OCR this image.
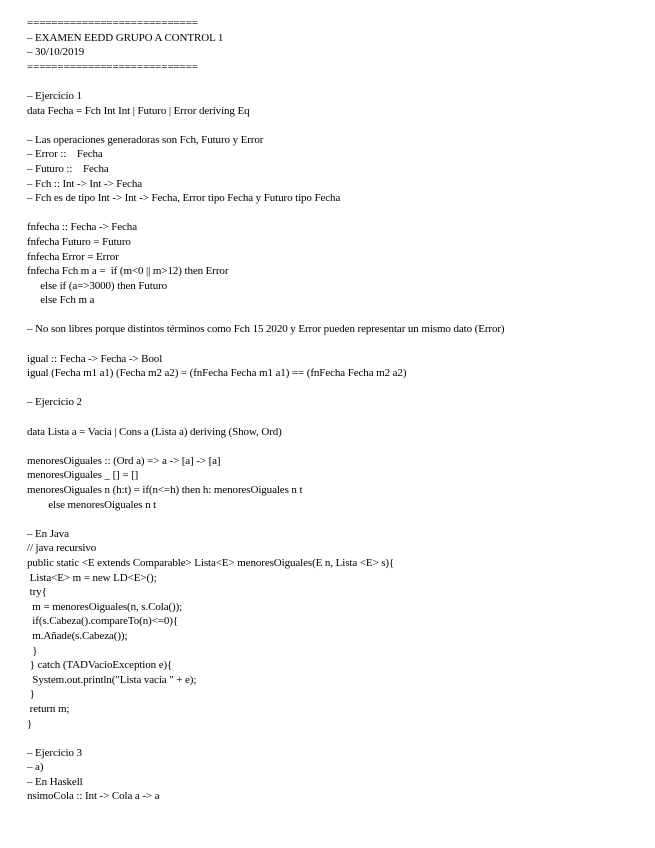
============================
– EXAMEN EEDD GRUPO A CONTROL 1
– 30/10/2019
============================
– Ejercicio 1
data Fecha = Fch Int Int | Futuro | Error deriving Eq
– Las operaciones generadoras son Fch, Futuro y Error
– Error ::    Fecha
– Futuro ::    Fecha
– Fch :: Int -> Int -> Fecha
– Fch es de tipo Int -> Int -> Fecha, Error tipo Fecha y Futuro tipo Fecha
fnfecha :: Fecha -> Fecha
fnfecha Futuro = Futuro
fnfecha Error = Error
fnfecha Fch m a =  if (m<0 || m>12) then Error
else if (a=>3000) then Futuro
else Fch m a
– No son libres porque distintos términos como Fch 15 2020 y Error pueden representar un mismo dato (Error)
igual :: Fecha -> Fecha -> Bool
igual (Fecha m1 a1) (Fecha m2 a2) = (fnFecha Fecha m1 a1) == (fnFecha Fecha m2 a2)
– Ejercicio 2
data Lista a = Vacia | Cons a (Lista a) deriving (Show, Ord)
menoresOiguales :: (Ord a) => a -> [a] -> [a]
menoresOiguales _ [] = []
menoresOiguales n (h:t) = if(n<=h) then h: menoresOiguales n t
else menoresOiguales n t
– En Java
// java recursivo
public static <E extends Comparable> Lista<E> menoresOiguales(E n, Lista <E> s){
Lista<E> m = new LD<E>();
try{
m = menoresOiguales(n, s.Cola());
if(s.Cabeza().compareTo(n)<=0){
m.Añade(s.Cabeza());
}
} catch (TADVacioException e){
System.out.println("Lista vacia " + e);
}
return m;
}
– Ejercicio 3
– a)
– En Haskell
nsimoCola :: Int -> Cola a -> a
